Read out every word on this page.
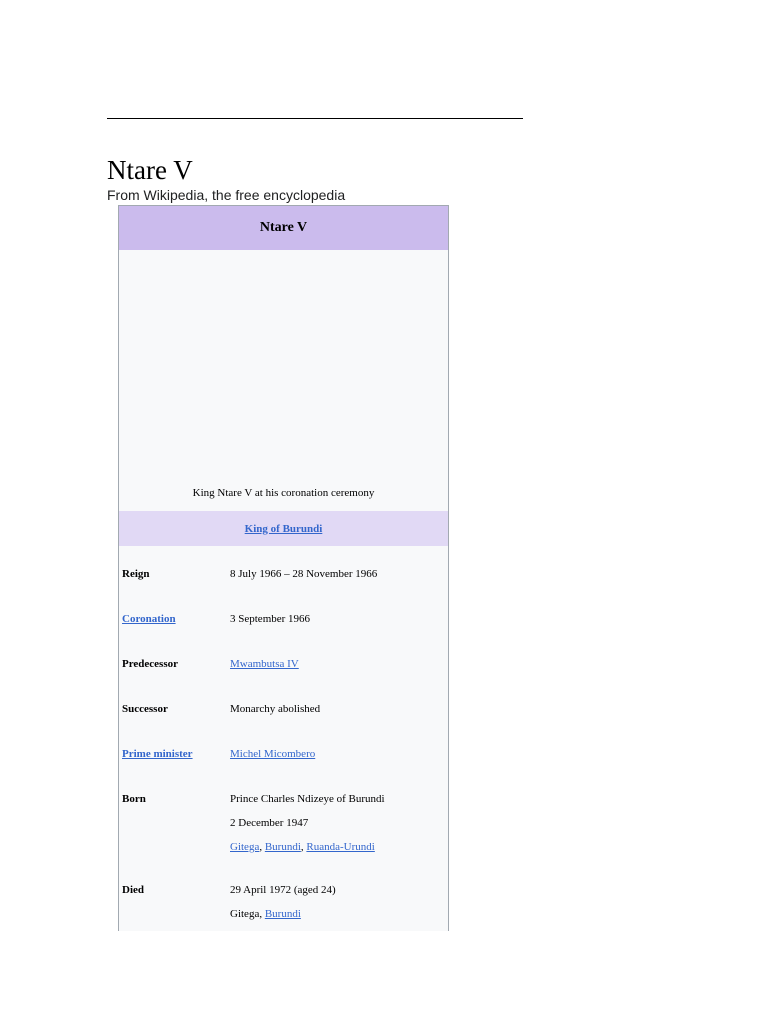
Ntare V
From Wikipedia, the free encyclopedia
Ntare V
King Ntare V at his coronation ceremony
King of Burundi
Reign	8 July 1966 – 28 November 1966
Coronation	3 September 1966
Predecessor	Mwambutsa IV
Successor	Monarchy abolished
Prime minister	Michel Micombero
Born	Prince Charles Ndizeye of Burundi
2 December 1947
Gitega, Burundi, Ruanda-Urundi
Died	29 April 1972 (aged 24)
Gitega, Burundi
